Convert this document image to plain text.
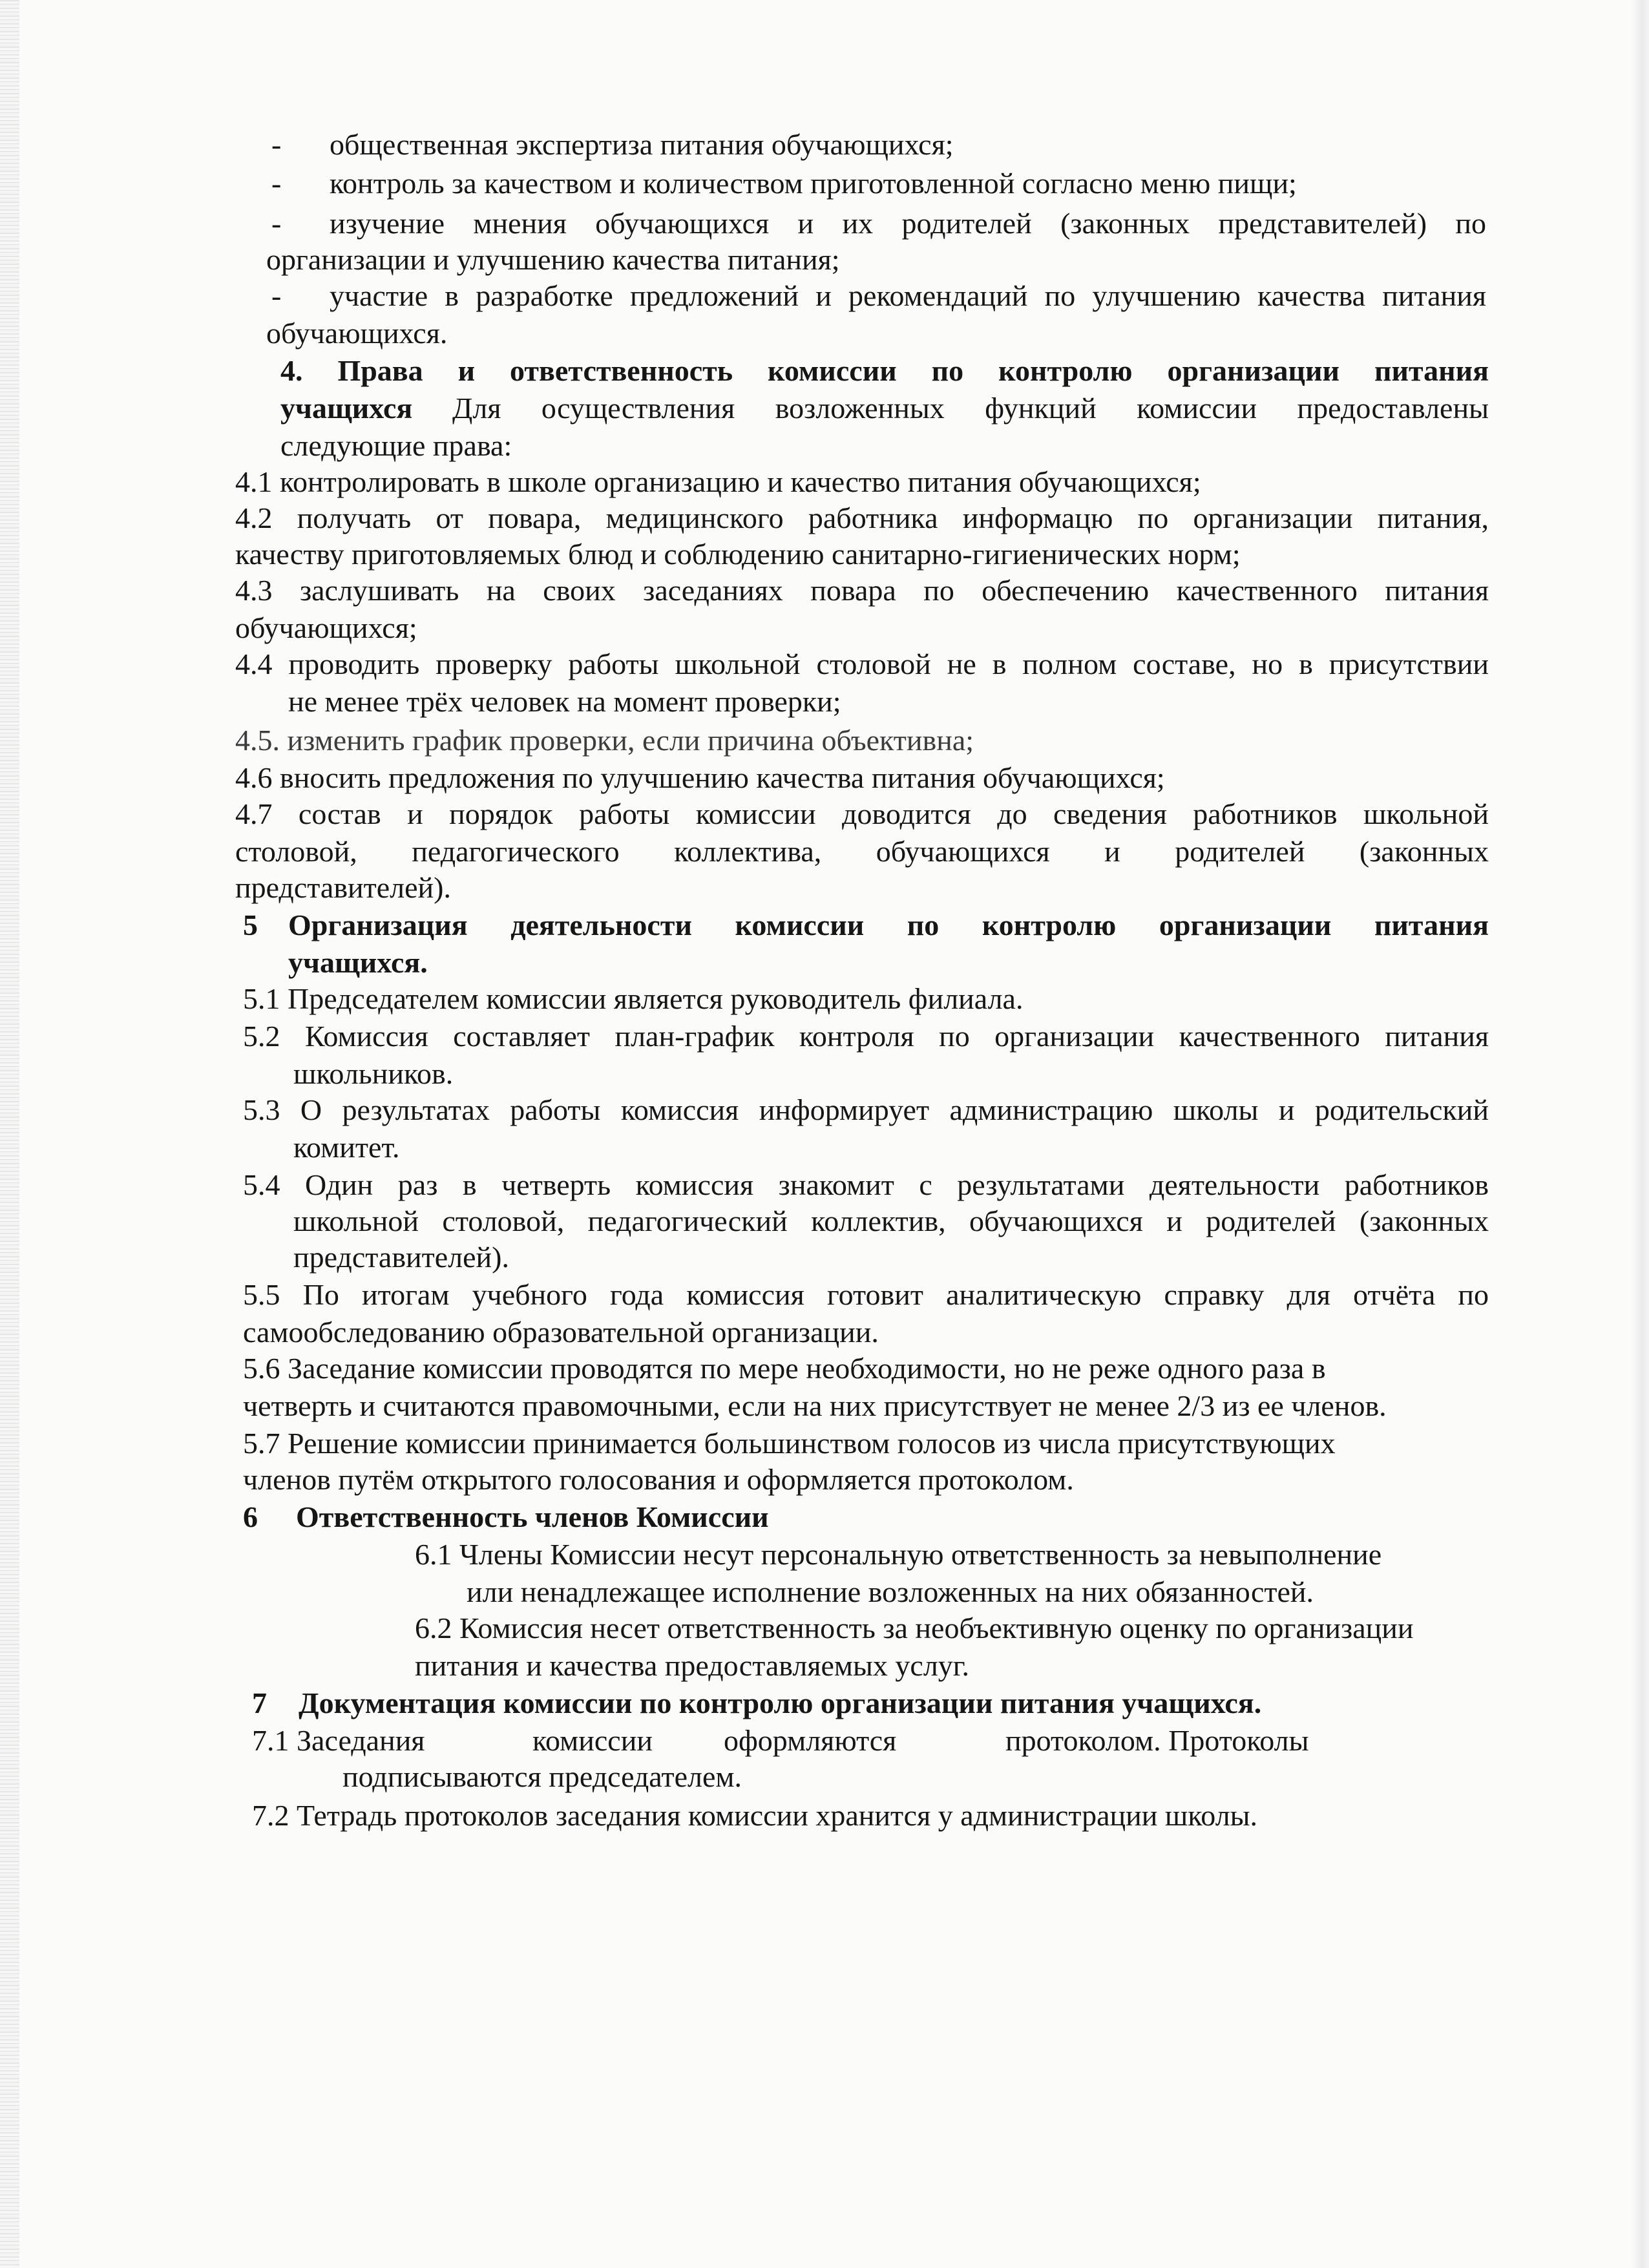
- общественная экспертиза питания обучающихся;

- контроль за качеством и количеством приготовленной согласно меню пищи;

- изучение мнения обучающихся и их родителей (законных представителей) по

организации и улучшению качества питания;

- участие в разработке предложений и рекомендаций по улучшению качества питания

обучающихся.

4. Права и ответственность комиссии по контролю организации питания

учащихся Для осуществления возложенных функций комиссии предоставлены

следующие права:

4.1 контролировать в школе организацию и качество питания обучающихся;

4.2 получать от повара, медицинского работника информацю по организации питания,

качеству приготовляемых блюд и соблюдению санитарно-гигиенических норм;

4.3 заслушивать на своих заседаниях повара по обеспечению качественного питания

обучающихся;

4.4 проводить проверку работы школьной столовой не в полном составе, но в присутствии

не менее трёх человек на момент проверки;

4.5. изменить график проверки, если причина объективна;

4.6 вносить предложения по улучшению качества питания обучающихся;

4.7 состав и порядок работы комиссии доводится до сведения работников школьной

столовой, педагогического коллектива, обучающихся и родителей (законных

представителей).

5 Организация деятельности комиссии по контролю организации питания

учащихся.

5.1 Председателем комиссии является руководитель филиала.

5.2 Комиссия составляет план-график контроля по организации качественного питания

школьников.

5.3 О результатах работы комиссия информирует администрацию школы и родительский

комитет.

5.4 Один раз в четверть комиссия знакомит с результатами деятельности работников

школьной столовой, педагогический коллектив, обучающихся и родителей (законных

представителей).

5.5 По итогам учебного года комиссия готовит аналитическую справку для отчёта по

самообследованию образовательной организации.

5.6 Заседание комиссии проводятся по мере необходимости, но не реже одного раза в

четверть и считаются правомочными, если на них присутствует не менее 2/3 из ее членов.

5.7 Решение комиссии принимается большинством голосов из числа присутствующих

членов путём открытого голосования и оформляется протоколом.

6 Ответственность членов Комиссии

6.1 Члены Комиссии несут персональную ответственность за невыполнение

или ненадлежащее исполнение возложенных на них обязанностей.

6.2 Комиссия несет ответственность за необъективную оценку по организации

питания и качества предоставляемых услуг.

7 Документация комиссии по контролю организации питания учащихся.

7.1 Заседания	комиссии оформляются	протоколом. Протоколы

подписываются председателем.

7.2 Тетрадь протоколов заседания комиссии хранится у администрации школы.
